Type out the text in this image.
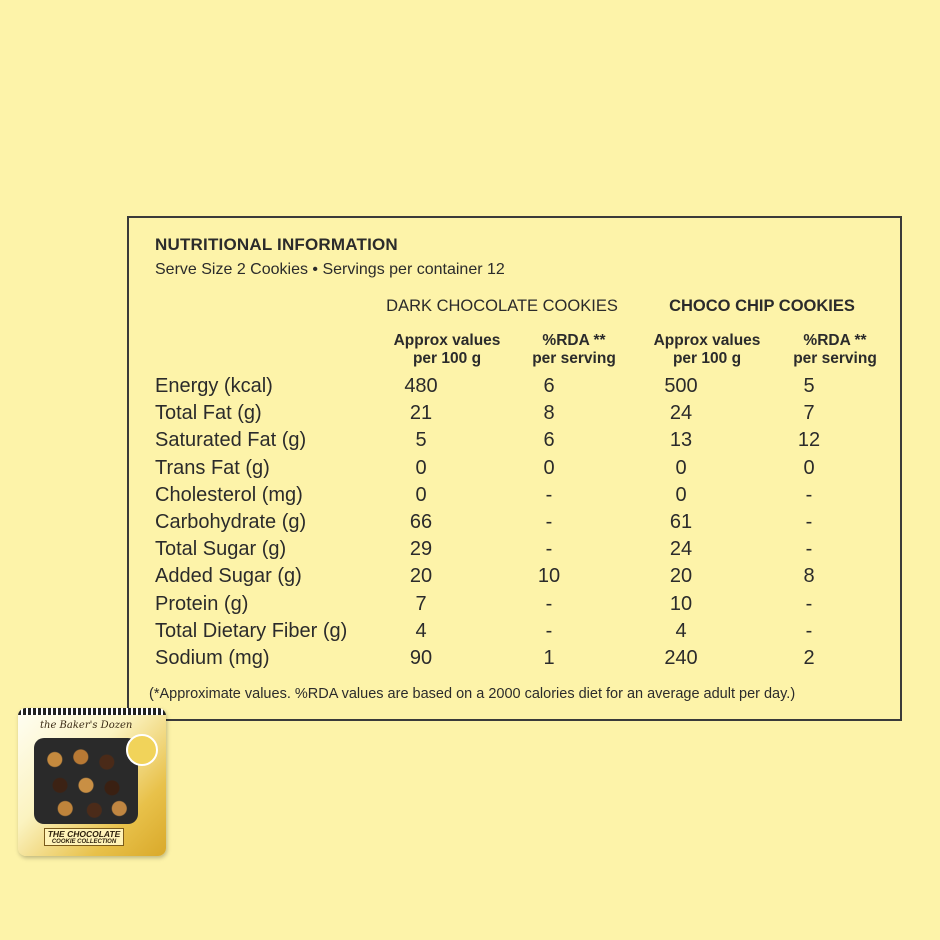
NUTRITIONAL INFORMATION
Serve Size 2 Cookies • Servings per container 12
DARK CHOCOLATE COOKIES	CHOCO CHIP COOKIES
Approx values
per 100 g
%RDA **
per serving
Approx values
per 100 g
%RDA **
per serving
Energy (kcal)	480	6	500	5
Total Fat (g)	21	8	24	7
Saturated Fat (g)	5	6	13	12
Trans Fat (g)	0	0	0	0
Cholesterol (mg)	0	-	0	-
Carbohydrate (g)	66	-	61	-
Total Sugar (g)	29	-	24	-
Added Sugar (g)	20	10	20	8
Protein (g)	7	-	10	-
Total Dietary Fiber (g)	4	-	4	-
Sodium (mg)	90	1	240	2
(*Approximate values. %RDA values are based on a 2000 calories diet for an average adult per day.)
the Baker's Dozen
THE CHOCOLATE
COOKIE COLLECTION
